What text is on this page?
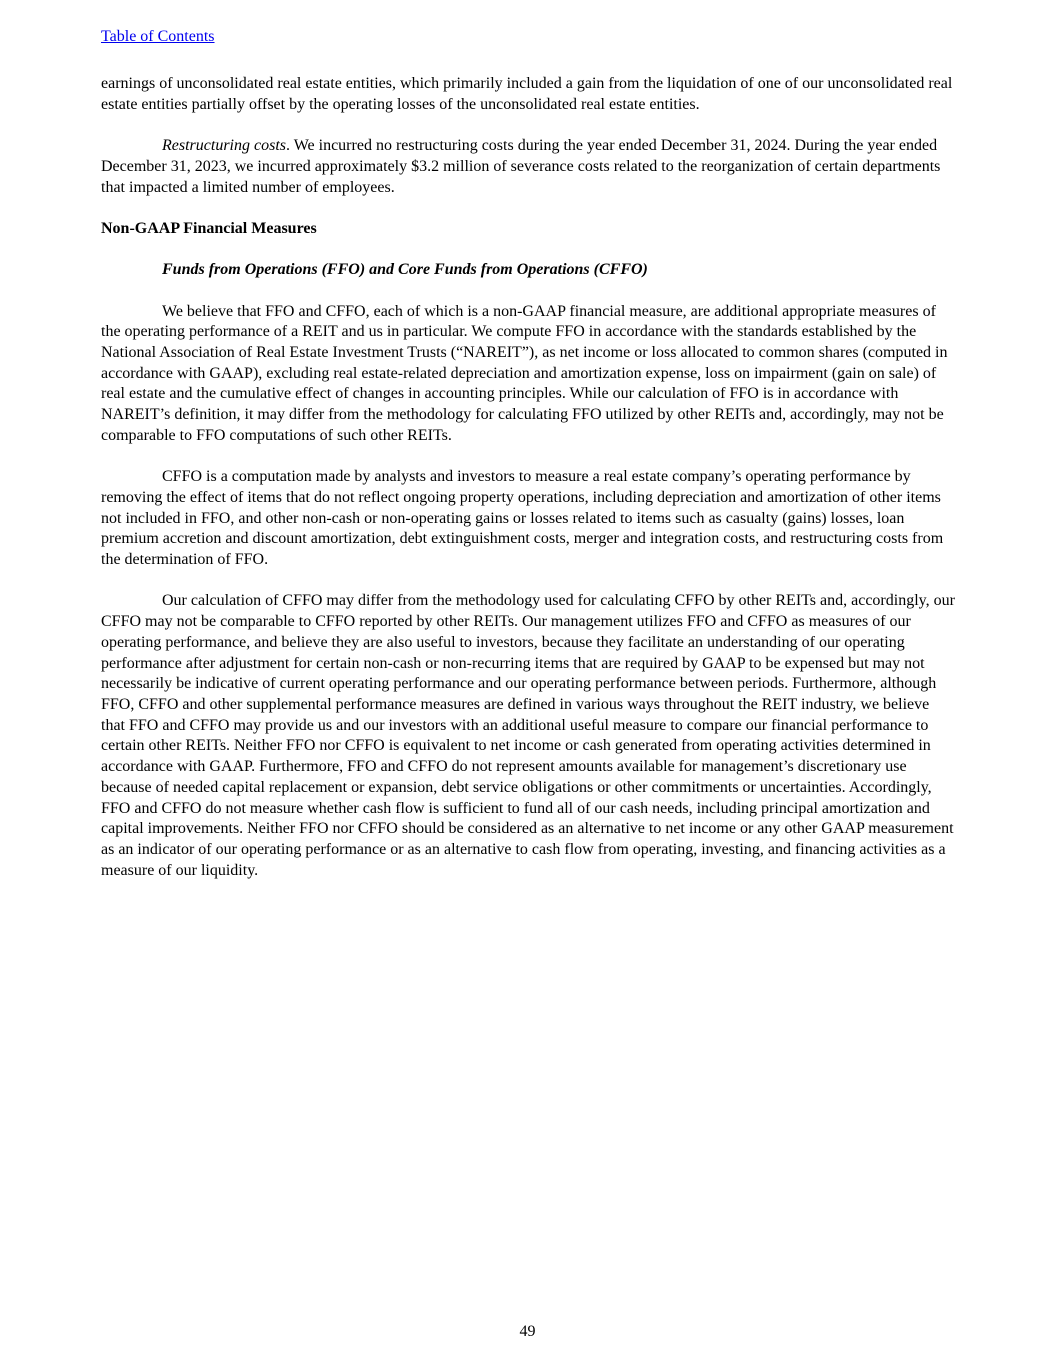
Table of Contents

earnings of unconsolidated real estate entities, which primarily included a gain from the liquidation of one of our unconsolidated real estate entities partially offset by the operating losses of the unconsolidated real estate entities.

Restructuring costs. We incurred no restructuring costs during the year ended December 31, 2024. During the year ended December 31, 2023, we incurred approximately $3.2 million of severance costs related to the reorganization of certain departments that impacted a limited number of employees.

Non-GAAP Financial Measures
Funds from Operations (FFO) and Core Funds from Operations (CFFO)

We believe that FFO and CFFO, each of which is a non-GAAP financial measure, are additional appropriate measures of the operating performance of a REIT and us in particular. We compute FFO in accordance with the standards established by the National Association of Real Estate Investment Trusts (“NAREIT”), as net income or loss allocated to common shares (computed in accordance with GAAP), excluding real estate-related depreciation and amortization expense, loss on impairment (gain on sale) of real estate and the cumulative effect of changes in accounting principles. While our calculation of FFO is in accordance with NAREIT’s definition, it may differ from the methodology for calculating FFO utilized by other REITs and, accordingly, may not be comparable to FFO computations of such other REITs.

CFFO is a computation made by analysts and investors to measure a real estate company’s operating performance by removing the effect of items that do not reflect ongoing property operations, including depreciation and amortization of other items not included in FFO, and other non-cash or non-operating gains or losses related to items such as casualty (gains) losses, loan premium accretion and discount amortization, debt extinguishment costs, merger and integration costs, and restructuring costs from the determination of FFO.

Our calculation of CFFO may differ from the methodology used for calculating CFFO by other REITs and, accordingly, our CFFO may not be comparable to CFFO reported by other REITs. Our management utilizes FFO and CFFO as measures of our operating performance, and believe they are also useful to investors, because they facilitate an understanding of our operating performance after adjustment for certain non-cash or non-recurring items that are required by GAAP to be expensed but may not necessarily be indicative of current operating performance and our operating performance between periods. Furthermore, although FFO, CFFO and other supplemental performance measures are defined in various ways throughout the REIT industry, we believe that FFO and CFFO may provide us and our investors with an additional useful measure to compare our financial performance to certain other REITs. Neither FFO nor CFFO is equivalent to net income or cash generated from operating activities determined in accordance with GAAP. Furthermore, FFO and CFFO do not represent amounts available for management’s discretionary use because of needed capital replacement or expansion, debt service obligations or other commitments or uncertainties. Accordingly, FFO and CFFO do not measure whether cash flow is sufficient to fund all of our cash needs, including principal amortization and capital improvements. Neither FFO nor CFFO should be considered as an alternative to net income or any other GAAP measurement as an indicator of our operating performance or as an alternative to cash flow from operating, investing, and financing activities as a measure of our liquidity.

49
